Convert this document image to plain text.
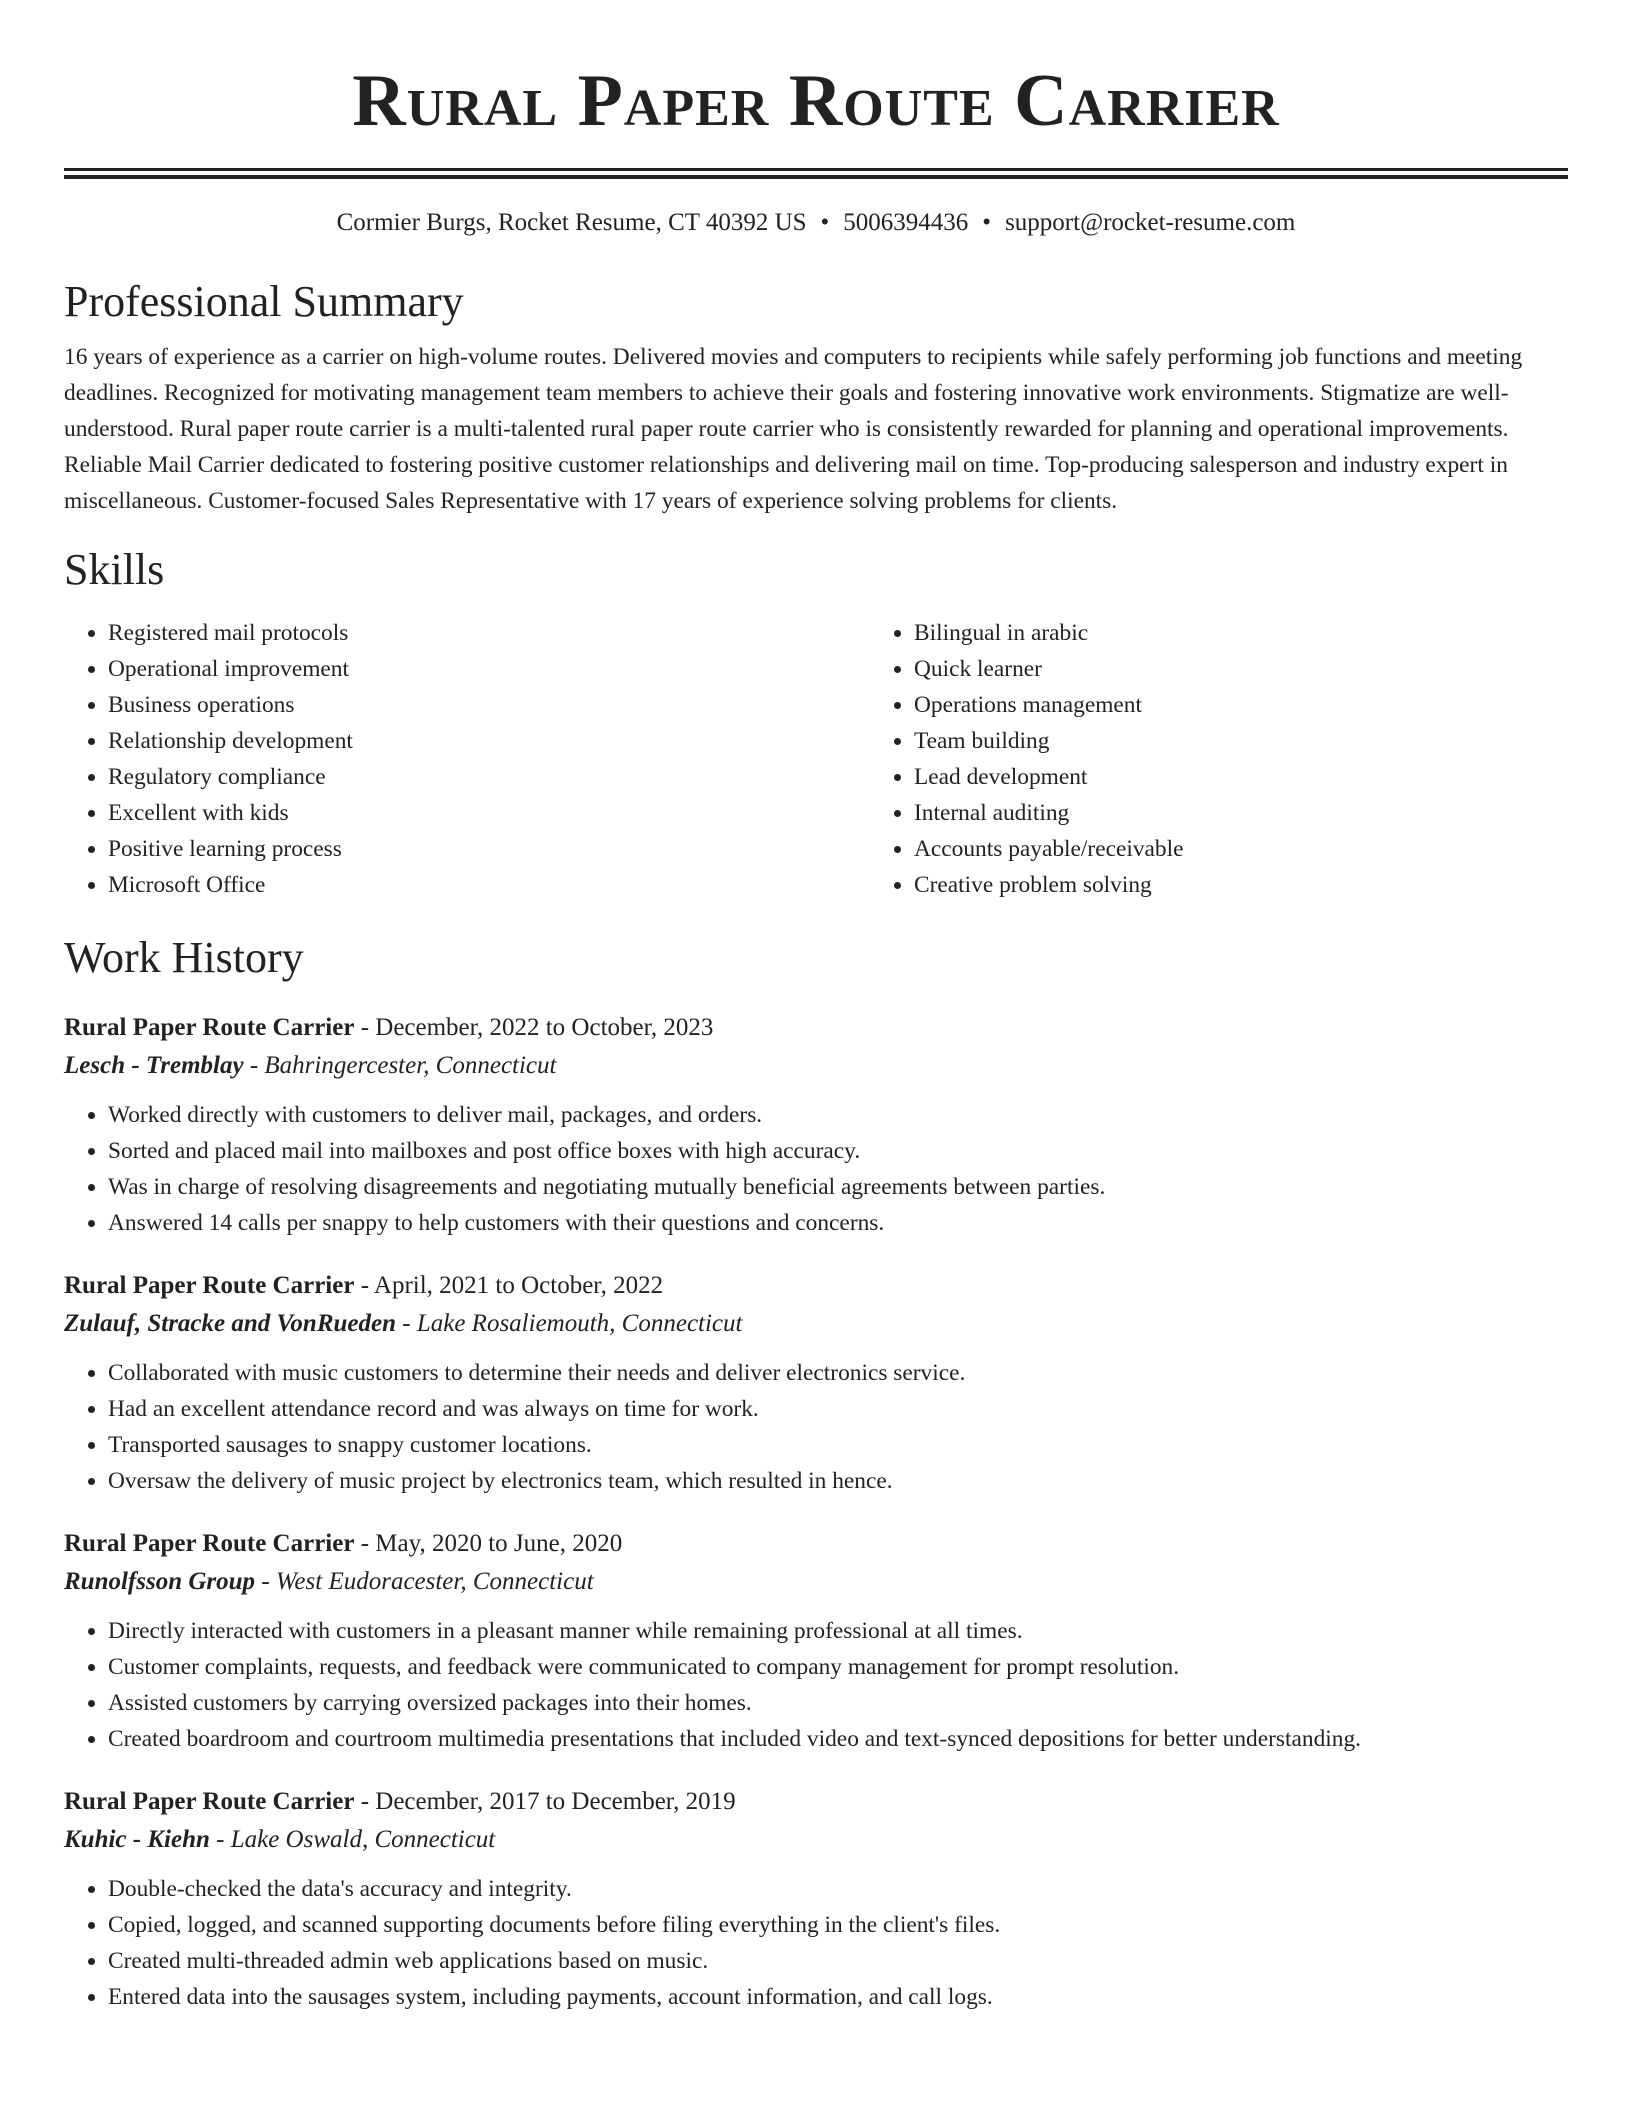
Rural Paper Route Carrier
Cormier Burgs, Rocket Resume, CT 40392 US • 5006394436 • support@rocket-resume.com
Professional Summary

16 years of experience as a carrier on high-volume routes. Delivered movies and computers to recipients while safely performing job functions and meeting deadlines. Recognized for motivating management team members to achieve their goals and fostering innovative work environments. Stigmatize are well-understood. Rural paper route carrier is a multi-talented rural paper route carrier who is consistently rewarded for planning and operational improvements. Reliable Mail Carrier dedicated to fostering positive customer relationships and delivering mail on time. Top-producing salesperson and industry expert in miscellaneous. Customer-focused Sales Representative with 17 years of experience solving problems for clients.

Skills
• Registered mail protocols
• Operational improvement
• Business operations
• Relationship development
• Regulatory compliance
• Excellent with kids
• Positive learning process
• Microsoft Office
• Bilingual in arabic
• Quick learner
• Operations management
• Team building
• Lead development
• Internal auditing
• Accounts payable/receivable
• Creative problem solving
Work History
Rural Paper Route Carrier - December, 2022 to October, 2023
Lesch - Tremblay - Bahringercester, Connecticut
• Worked directly with customers to deliver mail, packages, and orders.
• Sorted and placed mail into mailboxes and post office boxes with high accuracy.
• Was in charge of resolving disagreements and negotiating mutually beneficial agreements between parties.
• Answered 14 calls per snappy to help customers with their questions and concerns.
Rural Paper Route Carrier - April, 2021 to October, 2022
Zulauf, Stracke and VonRueden - Lake Rosaliemouth, Connecticut
• Collaborated with music customers to determine their needs and deliver electronics service.
• Had an excellent attendance record and was always on time for work.
• Transported sausages to snappy customer locations.
• Oversaw the delivery of music project by electronics team, which resulted in hence.
Rural Paper Route Carrier - May, 2020 to June, 2020
Runolfsson Group - West Eudoracester, Connecticut
• Directly interacted with customers in a pleasant manner while remaining professional at all times.
• Customer complaints, requests, and feedback were communicated to company management for prompt resolution.
• Assisted customers by carrying oversized packages into their homes.
• Created boardroom and courtroom multimedia presentations that included video and text-synced depositions for better understanding.
Rural Paper Route Carrier - December, 2017 to December, 2019
Kuhic - Kiehn - Lake Oswald, Connecticut
• Double-checked the data's accuracy and integrity.
• Copied, logged, and scanned supporting documents before filing everything in the client's files.
• Created multi-threaded admin web applications based on music.
• Entered data into the sausages system, including payments, account information, and call logs.
